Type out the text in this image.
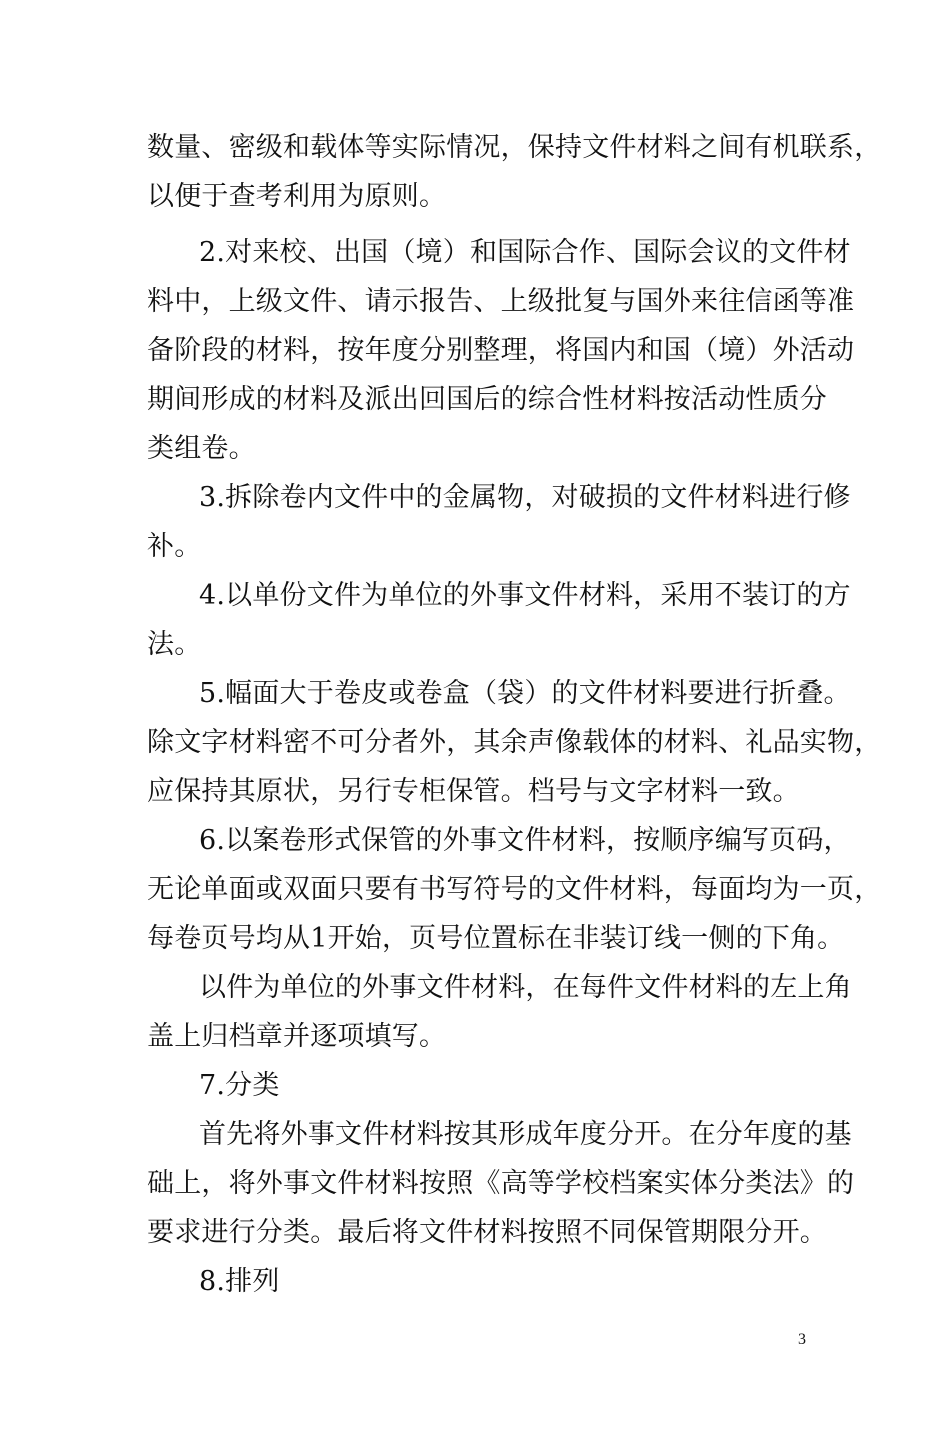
数量、密级和载体等实际情况，保持文件材料之间有机联系，
以便于查考利用为原则。
2.对来校、出国（境）和国际合作、国际会议的文件材
料中，上级文件、请示报告、上级批复与国外来往信函等准
备阶段的材料，按年度分别整理，将国内和国（境）外活动
期间形成的材料及派出回国后的综合性材料按活动性质分
类组卷。
3.拆除卷内文件中的金属物，对破损的文件材料进行修
补。
4.以单份文件为单位的外事文件材料，采用不装订的方
法。
5.幅面大于卷皮或卷盒（袋）的文件材料要进行折叠。
除文字材料密不可分者外，其余声像载体的材料、礼品实物，
应保持其原状，另行专柜保管。档号与文字材料一致。
6.以案卷形式保管的外事文件材料，按顺序编写页码，
无论单面或双面只要有书写符号的文件材料，每面均为一页，
每卷页号均从1开始，页号位置标在非装订线一侧的下角。
以件为单位的外事文件材料，在每件文件材料的左上角
盖上归档章并逐项填写。
7.分类
首先将外事文件材料按其形成年度分开。在分年度的基
础上，将外事文件材料按照《高等学校档案实体分类法》的
要求进行分类。最后将文件材料按照不同保管期限分开。
8.排列
3
